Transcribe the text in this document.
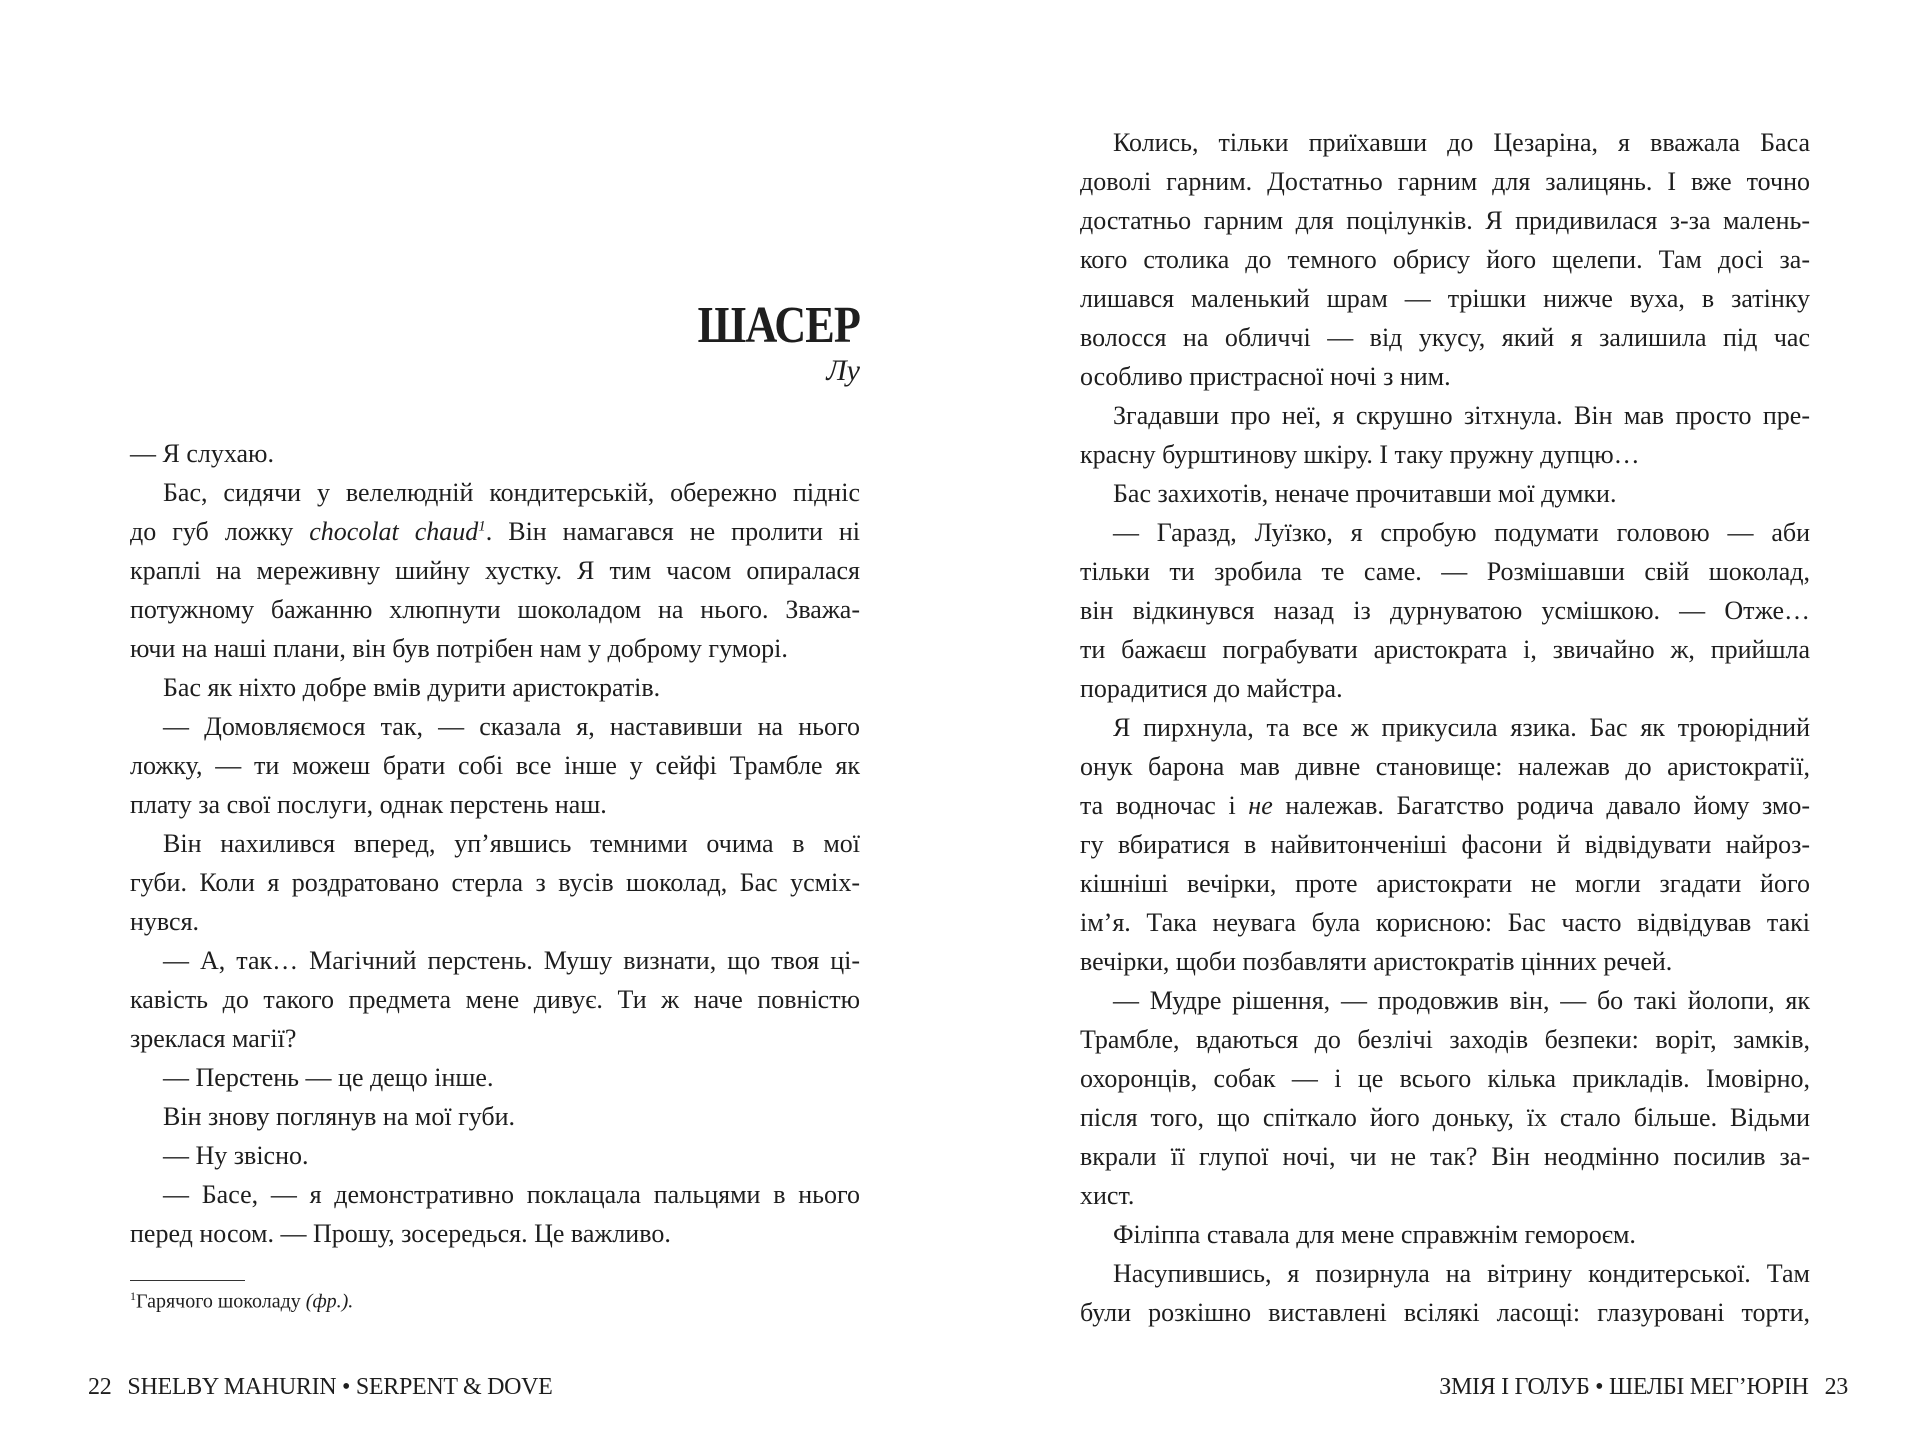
ШАСЕР
Лу
— Я слухаю.
Бас, сидячи у велелюдній кондитерській, обережно підніс
до губ ложку chocolat chaud$^1$. Він намагався не пролити ні
краплі на мереживну шийну хустку. Я тим часом опиралася
потужному бажанню хлюпнути шоколадом на нього. Зважа-
ючи на наші плани, він був потрібен нам у доброму гуморі.
Бас як ніхто добре вмів дурити аристократів.
— Домовляємося так, — сказала я, наставивши на нього
ложку, — ти можеш брати собі все інше у сейфі Трамбле як
плату за свої послуги, однак перстень наш.
Він нахилився вперед, уп’явшись темними очима в мої
губи. Коли я роздратовано стерла з вусів шоколад, Бас усміх-
нувся.
— А, так… Магічний перстень. Мушу визнати, що твоя ці-
кавість до такого предмета мене дивує. Ти ж наче повністю
зреклася магії?
— Перстень — це дещо інше.
Він знову поглянув на мої губи.
— Ну звісно.
— Басе, — я демонстративно поклацала пальцями в нього
перед носом. — Прошу, зосередься. Це важливо.
$^1$Гарячого шоколаду (фр.).
22 SHELBY MAHURIN • SERPENT & DOVE
Колись, тільки приїхавши до Цезаріна, я вважала Баса
доволі гарним. Достатньо гарним для залицянь. І вже точно
достатньо гарним для поцілунків. Я придивилася з-за малень-
кого столика до темного обрису його щелепи. Там досі за-
лишався маленький шрам — трішки нижче вуха, в затінку
волосся на обличчі — від укусу, який я залишила під час
особливо пристрасної ночі з ним.
Згадавши про неї, я скрушно зітхнула. Він мав просто пре-
красну бурштинову шкіру. І таку пружну дупцю…
Бас захихотів, неначе прочитавши мої думки.
— Гаразд, Луїзко, я спробую подумати головою — аби
тільки ти зробила те саме. — Розмішавши свій шоколад,
він відкинувся назад із дурнуватою усмішкою. — Отже…
ти бажаєш пограбувати аристократа і, звичайно ж, прийшла
порадитися до майстра.
Я пирхнула, та все ж прикусила язика. Бас як троюрідний
онук барона мав дивне становище: належав до аристократії,
та водночас і не належав. Багатство родича давало йому змо-
гу вбиратися в найвитонченіші фасони й відвідувати найроз-
кішніші вечірки, проте аристократи не могли згадати його
ім’я. Така неувага була корисною: Бас часто відвідував такі
вечірки, щоби позбавляти аристократів цінних речей.
— Мудре рішення, — продовжив він, — бо такі йолопи, як
Трамбле, вдаються до безлічі заходів безпеки: воріт, замків,
охоронців, собак — і це всього кілька прикладів. Імовірно,
після того, що спіткало його доньку, їх стало більше. Відьми
вкрали її глупої ночі, чи не так? Він неодмінно посилив за-
хист.
Філіппа ставала для мене справжнім гемороєм.
Насупившись, я позирнула на вітрину кондитерської. Там
були розкішно виставлені всілякі ласощі: глазуровані торти,
ЗМІЯ І ГОЛУБ • ШЕЛБІ МЕГ’ЮРІН 23
